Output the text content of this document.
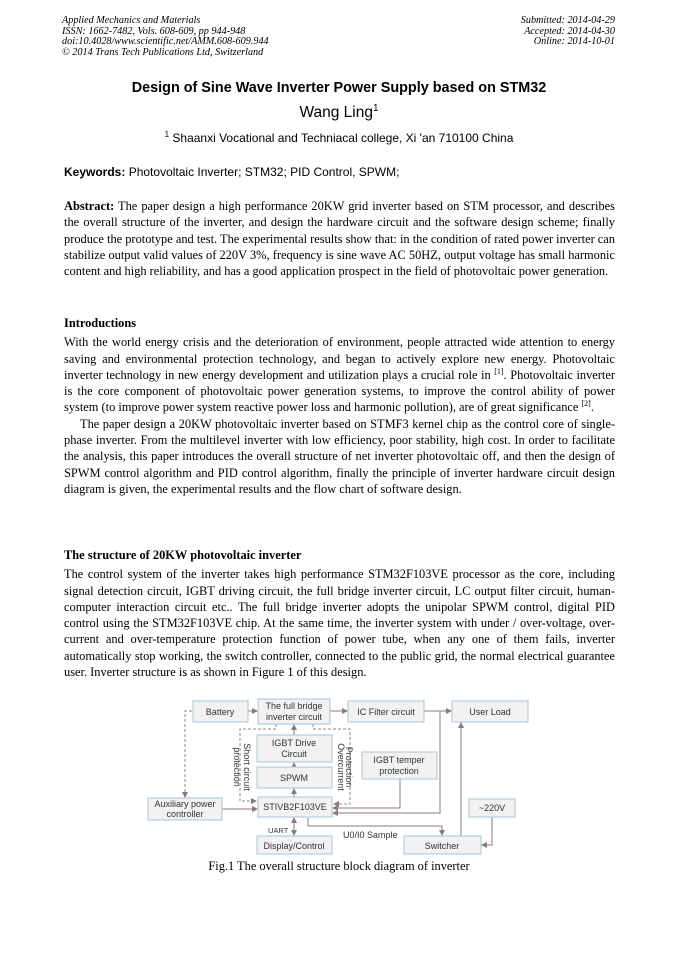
Applied Mechanics and Materials
ISSN: 1662-7482, Vols. 608-609, pp 944-948
doi:10.4028/www.scientific.net/AMM.608-609.944
© 2014 Trans Tech Publications Ltd, Switzerland
Submitted: 2014-04-29
Accepted: 2014-04-30
Online: 2014-10-01
Design of Sine Wave Inverter Power Supply based on STM32
Wang Ling$^1$
$^1$ Shaanxi Vocational and Techniacal college, Xi 'an 710100 China
Keywords: Photovoltaic Inverter; STM32; PID Control, SPWM;

Abstract: The paper design a high performance 20KW grid inverter based on STM processor, and describes the overall structure of the inverter, and design the hardware circuit and the software design scheme; finally produce the prototype and test. The experimental results show that: in the condition of rated power inverter can stabilize output valid values of 220V 3%, frequency is sine wave AC 50HZ, output voltage has small harmonic content and high reliability, and has a good application prospect in the field of photovoltaic power generation.

Introductions

With the world energy crisis and the deterioration of environment, people attracted wide attention to energy saving and environmental protection technology, and began to actively explore new energy. Photovoltaic inverter technology in new energy development and utilization plays a crucial role in [1]. Photovoltaic inverter is the core component of photovoltaic power generation systems, to improve the control ability of power system (to improve power system reactive power loss and harmonic pollution), are of great significance [2].

The paper design a 20KW photovoltaic inverter based on STMF3 kernel chip as the control core of single-phase inverter. From the multilevel inverter with low efficiency, poor stability, high cost. In order to facilitate the analysis, this paper introduces the overall structure of net inverter photovoltaic off, and then the design of SPWM control algorithm and PID control algorithm, finally the principle of inverter hardware circuit design diagram is given, the experimental results and the flow chart of software design.

The structure of 20KW photovoltaic inverter

The control system of the inverter takes high performance STM32F103VE processor as the core, including signal detection circuit, IGBT driving circuit, the full bridge inverter circuit, LC output filter circuit, human-computer interaction circuit etc.. The full bridge inverter adopts the unipolar SPWM control, digital PID control using the STM32F103VE chip. At the same time, the inverter system with under / over-voltage, over-current and over-temperature protection function of power tube, when any one of them fails, inverter automatically stop working, the switch controller, connected to the public grid, the normal electrical guarantee user. Inverter structure is as shown in Figure 1 of this design.

Battery
The full bridge
inverter circuit	IC Filter circuit	User Load
IGBT Drive
Circuit
SPWM
IGBT temper
protection
Auxiliary power
controller
STIVB2F103VE	~220V
Display/Control	Switcher
UART	U0/I0 Sample
Short circuit
protection	Overcurrent
Protection
Fig.1 The overall structure block diagram of inverter
